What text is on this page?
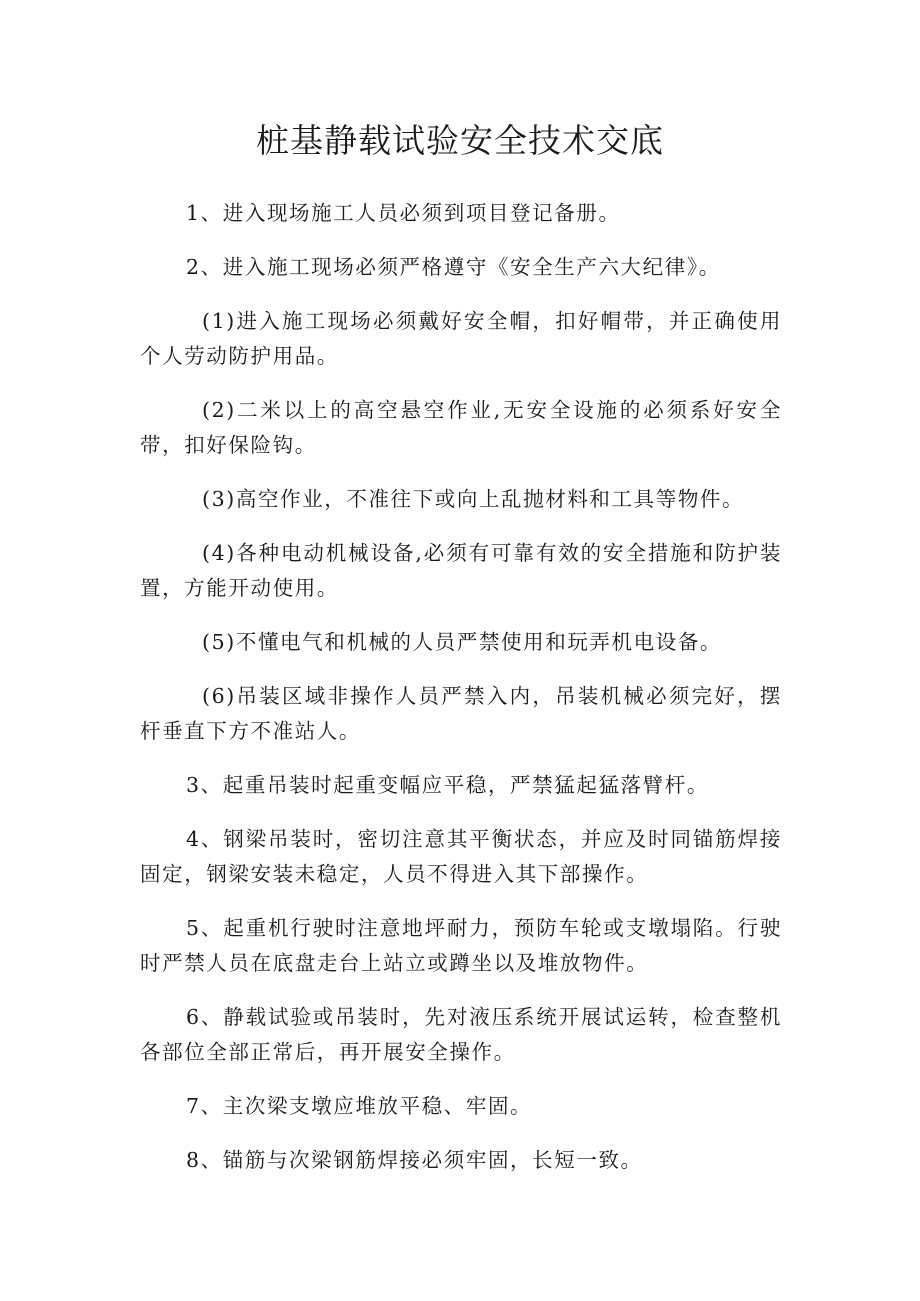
桩基静载试验安全技术交底

1、进入现场施工人员必须到项目登记备册。

2、进入施工现场必须严格遵守《安全生产六大纪律》。

(1)进入施工现场必须戴好安全帽，扣好帽带，并正确使用个人劳动防护用品。

(2)二米以上的高空悬空作业,无安全设施的必须系好安全带，扣好保险钩。

(3)高空作业，不准往下或向上乱抛材料和工具等物件。

(4)各种电动机械设备,必须有可靠有效的安全措施和防护装置，方能开动使用。

(5)不懂电气和机械的人员严禁使用和玩弄机电设备。

(6)吊装区域非操作人员严禁入内，吊装机械必须完好，摆杆垂直下方不准站人。

3、起重吊装时起重变幅应平稳，严禁猛起猛落臂杆。

4、钢梁吊装时，密切注意其平衡状态，并应及时同锚筋焊接固定，钢梁安装未稳定，人员不得进入其下部操作。

5、起重机行驶时注意地坪耐力，预防车轮或支墩塌陷。行驶时严禁人员在底盘走台上站立或蹲坐以及堆放物件。

6、静载试验或吊装时，先对液压系统开展试运转，检查整机各部位全部正常后，再开展安全操作。

7、主次梁支墩应堆放平稳、牢固。

8、锚筋与次梁钢筋焊接必须牢固，长短一致。
